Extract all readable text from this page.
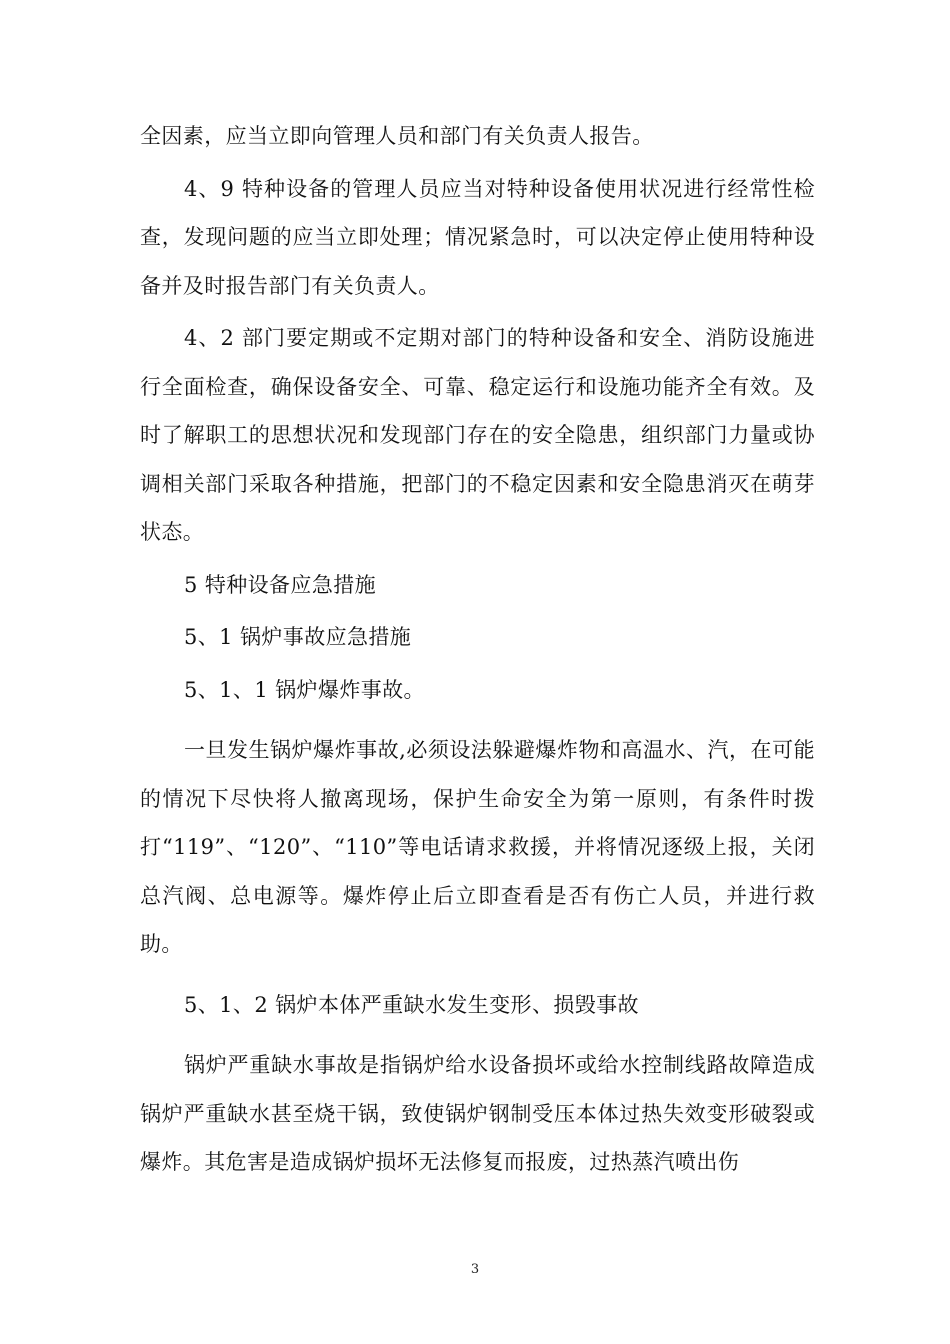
全因素，应当立即向管理人员和部门有关负责人报告。

4、9 特种设备的管理人员应当对特种设备使用状况进行经常性检查，发现问题的应当立即处理；情况紧急时，可以决定停止使用特种设备并及时报告部门有关负责人。

4、2 部门要定期或不定期对部门的特种设备和安全、消防设施进行全面检查，确保设备安全、可靠、稳定运行和设施功能齐全有效。及时了解职工的思想状况和发现部门存在的安全隐患，组织部门力量或协调相关部门采取各种措施，把部门的不稳定因素和安全隐患消灭在萌芽状态。

5 特种设备应急措施

5、1 锅炉事故应急措施

5、1、1 锅炉爆炸事故。

一旦发生锅炉爆炸事故,必须设法躲避爆炸物和高温水、汽，在可能的情况下尽快将人撤离现场，保护生命安全为第一原则，有条件时拨打“119”、“120”、“110”等电话请求救援，并将情况逐级上报，关闭总汽阀、总电源等。爆炸停止后立即查看是否有伤亡人员，并进行救助。

5、1、2 锅炉本体严重缺水发生变形、损毁事故

锅炉严重缺水事故是指锅炉给水设备损坏或给水控制线路故障造成锅炉严重缺水甚至烧干锅，致使锅炉钢制受压本体过热失效变形破裂或爆炸。其危害是造成锅炉损坏无法修复而报废，过热蒸汽喷出伤

3
